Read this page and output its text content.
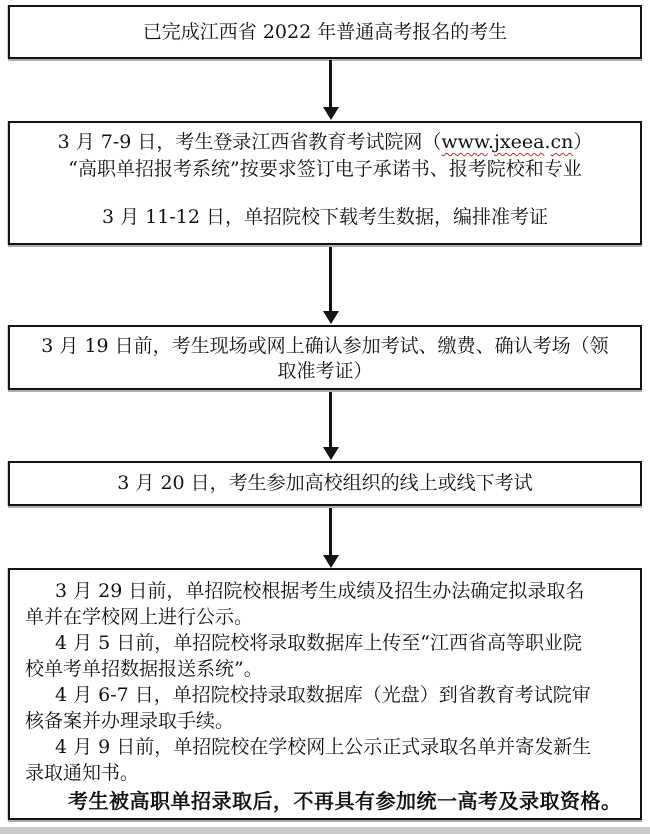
已完成江西省 2022 年普通高考报名的考生
3 月 7-9 日，考生登录江西省教育考试院网（www.jxeea.cn）
“高职单招报考系统”按要求签订电子承诺书、报考院校和专业
3 月 11-12 日，单招院校下载考生数据，编排准考证
3 月 19 日前，考生现场或网上确认参加考试、缴费、确认考场（领
取准考证）
3 月 20 日，考生参加高校组织的线上或线下考试
3 月 29 日前，单招院校根据考生成绩及招生办法确定拟录取名
单并在学校网上进行公示。
4 月 5 日前，单招院校将录取数据库上传至“江西省高等职业院
校单考单招数据报送系统”。
4 月 6-7 日，单招院校持录取数据库（光盘）到省教育考试院审
核备案并办理录取手续。
4 月 9 日前，单招院校在学校网上公示正式录取名单并寄发新生
录取通知书。
考生被高职单招录取后，不再具有参加统一高考及录取资格。
